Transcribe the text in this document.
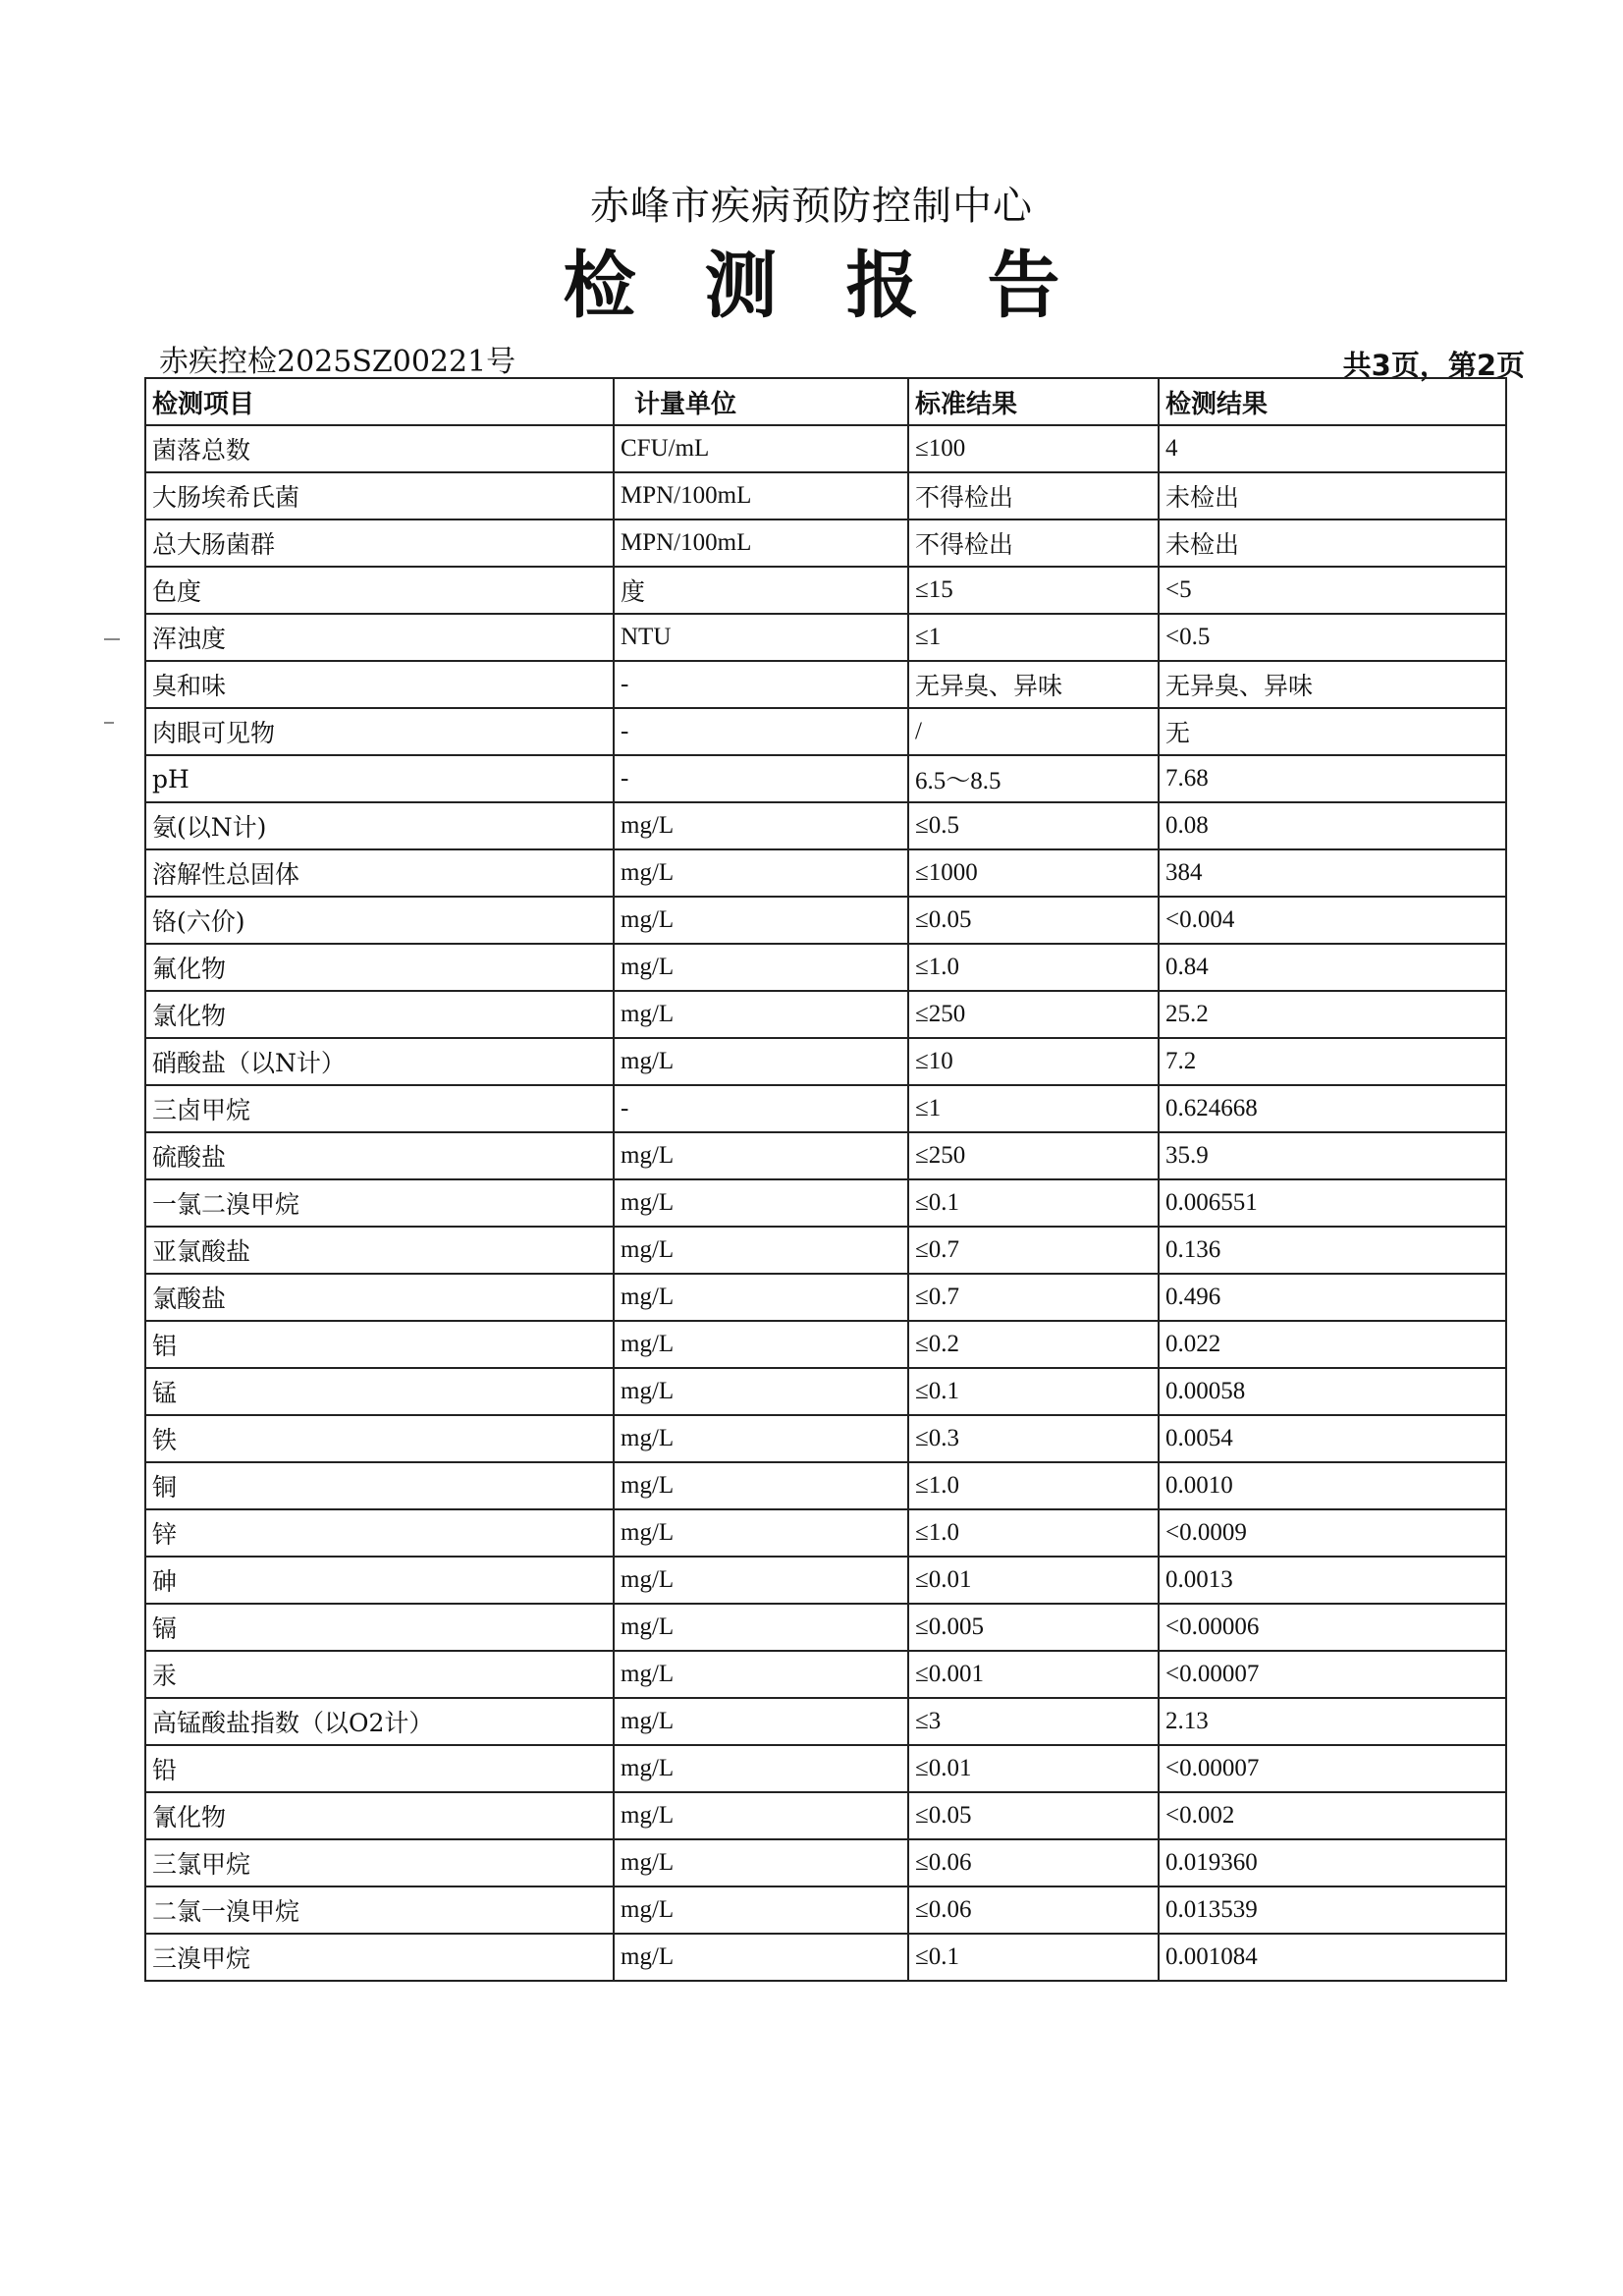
赤峰市疾病预防控制中心
检测报告
赤疾控检2025SZ00221号	共3页，第2页
检测项目	计量单位	标准结果	检测结果
菌落总数	CFU/mL	≤100	4
大肠埃希氏菌	MPN/100mL	不得检出	未检出
总大肠菌群	MPN/100mL	不得检出	未检出
色度	度	≤15	<5
浑浊度	NTU	≤1	<0.5
臭和味	-	无异臭、异味	无异臭、异味
肉眼可见物	-	/	无
pH	-	6.5～8.5	7.68
氨(以N计)	mg/L	≤0.5	0.08
溶解性总固体	mg/L	≤1000	384
铬(六价)	mg/L	≤0.05	<0.004
氟化物	mg/L	≤1.0	0.84
氯化物	mg/L	≤250	25.2
硝酸盐（以N计）	mg/L	≤10	7.2
三卤甲烷	-	≤1	0.624668
硫酸盐	mg/L	≤250	35.9
一氯二溴甲烷	mg/L	≤0.1	0.006551
亚氯酸盐	mg/L	≤0.7	0.136
氯酸盐	mg/L	≤0.7	0.496
铝	mg/L	≤0.2	0.022
锰	mg/L	≤0.1	0.00058
铁	mg/L	≤0.3	0.0054
铜	mg/L	≤1.0	0.0010
锌	mg/L	≤1.0	<0.0009
砷	mg/L	≤0.01	0.0013
镉	mg/L	≤0.005	<0.00006
汞	mg/L	≤0.001	<0.00007
高锰酸盐指数（以O2计）	mg/L	≤3	2.13
铅	mg/L	≤0.01	<0.00007
氰化物	mg/L	≤0.05	<0.002
三氯甲烷	mg/L	≤0.06	0.019360
二氯一溴甲烷	mg/L	≤0.06	0.013539
三溴甲烷	mg/L	≤0.1	0.001084
